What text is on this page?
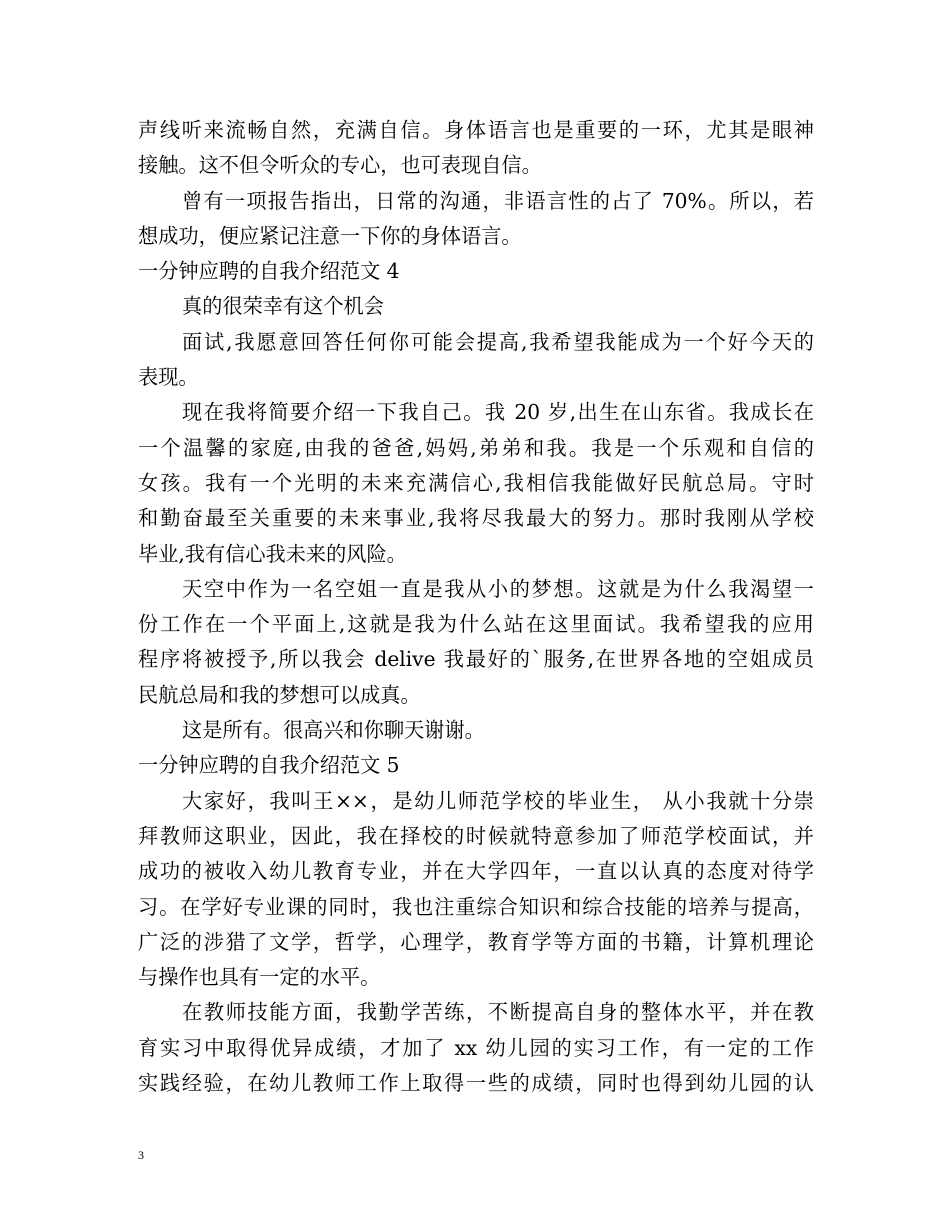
声线听来流畅自然，充满自信。身体语言也是重要的一环，尤其是眼神
接触。这不但令听众的专心，也可表现自信。
曾有一项报告指出，日常的沟通，非语言性的占了 70%。所以，若
想成功，便应紧记注意一下你的身体语言。
一分钟应聘的自我介绍范文 4
真的很荣幸有这个机会
面试,我愿意回答任何你可能会提高,我希望我能成为一个好今天的
表现。
现在我将简要介绍一下我自己。我 20 岁,出生在山东省。我成长在
一个温馨的家庭,由我的爸爸,妈妈,弟弟和我。我是一个乐观和自信的
女孩。我有一个光明的未来充满信心,我相信我能做好民航总局。守时
和勤奋最至关重要的未来事业,我将尽我最大的努力。那时我刚从学校
毕业,我有信心我未来的风险。
天空中作为一名空姐一直是我从小的梦想。这就是为什么我渴望一
份工作在一个平面上,这就是我为什么站在这里面试。我希望我的应用
程序将被授予,所以我会 delive 我最好的`服务,在世界各地的空姐成员
民航总局和我的梦想可以成真。
这是所有。很高兴和你聊天谢谢。
一分钟应聘的自我介绍范文 5
大家好，我叫王××，是幼儿师范学校的毕业生， 从小我就十分崇
拜教师这职业，因此，我在择校的时候就特意参加了师范学校面试，并
成功的被收入幼儿教育专业，并在大学四年，一直以认真的态度对待学
习。在学好专业课的同时，我也注重综合知识和综合技能的培养与提高，
广泛的涉猎了文学，哲学，心理学，教育学等方面的书籍，计算机理论
与操作也具有一定的水平。
在教师技能方面，我勤学苦练，不断提高自身的整体水平，并在教
育实习中取得优异成绩，才加了 xx 幼儿园的实习工作，有一定的工作
实践经验，在幼儿教师工作上取得一些的成绩，同时也得到幼儿园的认
3
